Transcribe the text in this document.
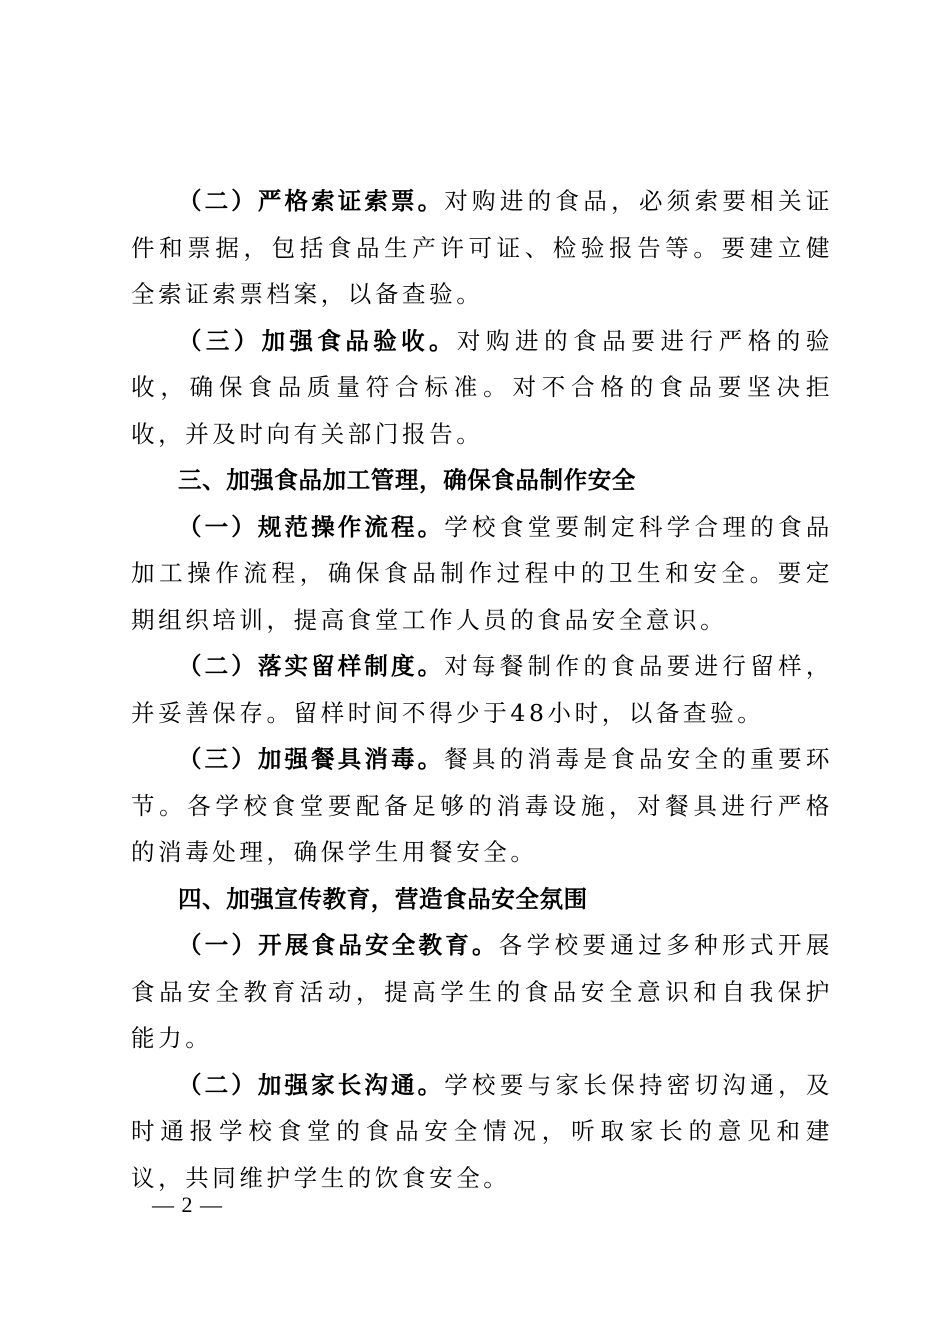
（二）严格索证索票。对购进的食品，必须索要相关证件和票据，包括食品生产许可证、检验报告等。要建立健全索证索票档案，以备查验。

（三）加强食品验收。对购进的食品要进行严格的验收，确保食品质量符合标准。对不合格的食品要坚决拒收，并及时向有关部门报告。

三、加强食品加工管理，确保食品制作安全

（一）规范操作流程。学校食堂要制定科学合理的食品加工操作流程，确保食品制作过程中的卫生和安全。要定期组织培训，提高食堂工作人员的食品安全意识。

（二）落实留样制度。对每餐制作的食品要进行留样，并妥善保存。留样时间不得少于48小时，以备查验。

（三）加强餐具消毒。餐具的消毒是食品安全的重要环节。各学校食堂要配备足够的消毒设施，对餐具进行严格的消毒处理，确保学生用餐安全。

四、加强宣传教育，营造食品安全氛围

（一）开展食品安全教育。各学校要通过多种形式开展食品安全教育活动，提高学生的食品安全意识和自我保护能力。

（二）加强家长沟通。学校要与家长保持密切沟通，及时通报学校食堂的食品安全情况，听取家长的意见和建议，共同维护学生的饮食安全。

— 2 —
